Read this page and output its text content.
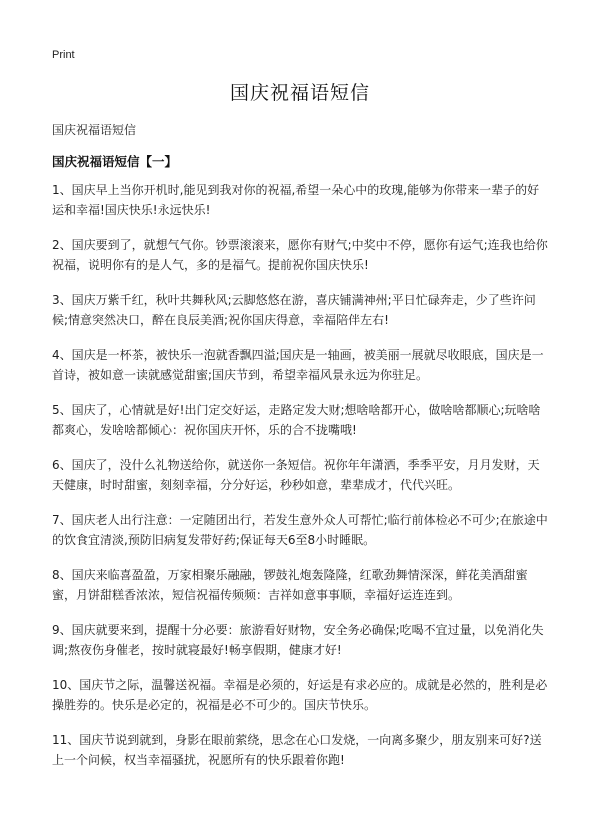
Print
国庆祝福语短信

国庆祝福语短信

国庆祝福语短信【一】
1、国庆早上当你开机时,能见到我对你的祝福,希望一朵心中的玫瑰,能够为你带来一辈子的好运和幸福!国庆快乐!永远快乐!
2、国庆要到了，就想气气你。钞票滚滚来，愿你有财气;中奖中不停，愿你有运气;连我也给你祝福，说明你有的是人气，多的是福气。提前祝你国庆快乐!
3、国庆万紫千红，秋叶共舞秋风;云脚悠悠在游，喜庆铺满神州;平日忙碌奔走，少了些许问候;情意突然决口，醉在良辰美酒;祝你国庆得意，幸福陪伴左右!
4、国庆是一杯茶，被快乐一泡就香飘四溢;国庆是一轴画，被美丽一展就尽收眼底，国庆是一首诗，被如意一读就感觉甜蜜;国庆节到，希望幸福风景永远为你驻足。
5、国庆了，心情就是好!出门定交好运，走路定发大财;想啥啥都开心，做啥啥都顺心;玩啥啥都爽心，发啥啥都倾心：祝你国庆开怀，乐的合不拢嘴哦!
6、国庆了，没什么礼物送给你，就送你一条短信。祝你年年潇洒，季季平安，月月发财，天天健康，时时甜蜜，刻刻幸福，分分好运，秒秒如意，辈辈成才，代代兴旺。
7、国庆老人出行注意：一定随团出行，若发生意外众人可帮忙;临行前体检必不可少;在旅途中的饮食宜清淡,预防旧病复发带好药;保证每天6至8小时睡眠。
8、国庆来临喜盈盈，万家相聚乐融融，锣鼓礼炮轰隆隆，红歌劲舞情深深，鲜花美酒甜蜜蜜，月饼甜糕香浓浓，短信祝福传频频：吉祥如意事事顺，幸福好运连连到。
9、国庆就要来到，提醒十分必要：旅游看好财物，安全务必确保;吃喝不宜过量，以免消化失调;熬夜伤身催老，按时就寝最好!畅享假期，健康才好!
10、国庆节之际，温馨送祝福。幸福是必须的，好运是有求必应的。成就是必然的，胜利是必操胜券的。快乐是必定的，祝福是必不可少的。国庆节快乐。
11、国庆节说到就到，身影在眼前萦绕，思念在心口发烧，一向离多聚少，朋友别来可好?送上一个问候，权当幸福骚扰，祝愿所有的快乐跟着你跑!
